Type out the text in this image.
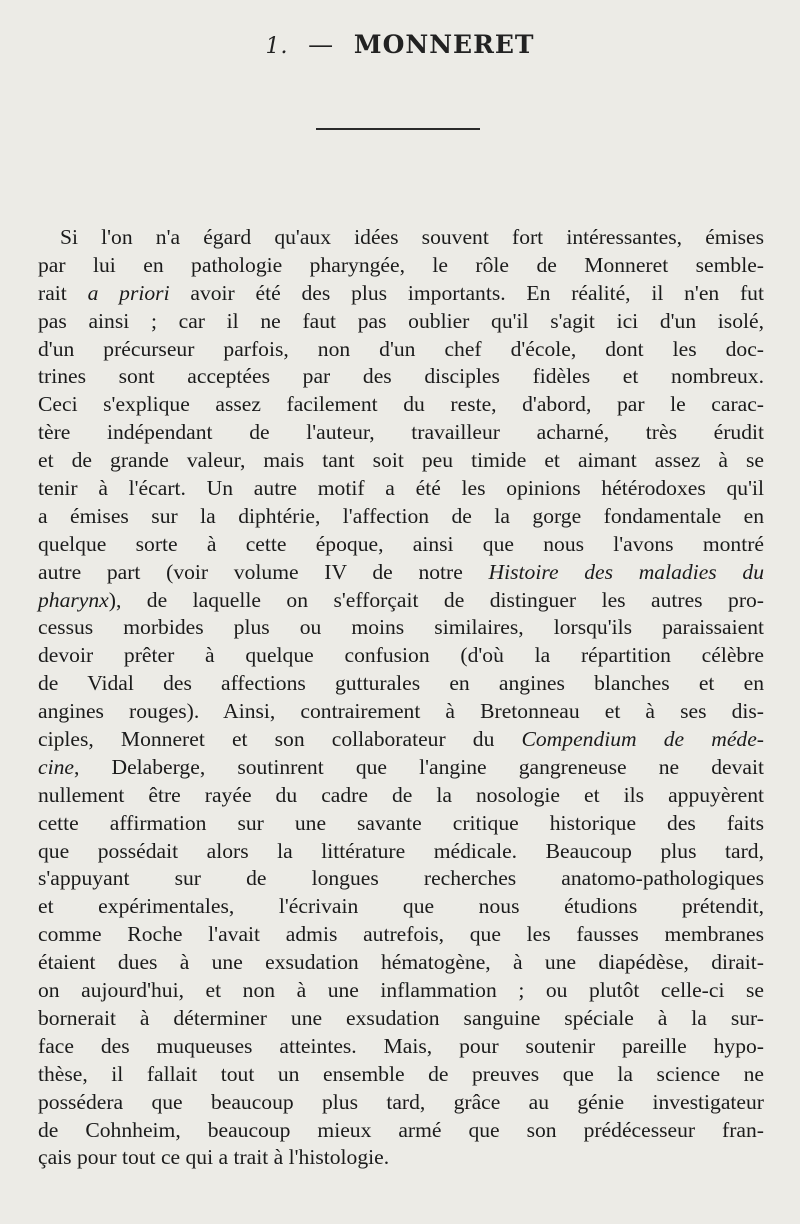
1. — MONNERET
Si l'on n'a égard qu'aux idées souvent fort intéressantes, émises
par lui en pathologie pharyngée, le rôle de Monneret semble-
rait a priori avoir été des plus importants. En réalité, il n'en fut
pas ainsi ; car il ne faut pas oublier qu'il s'agit ici d'un isolé,
d'un précurseur parfois, non d'un chef d'école, dont les doc-
trines sont acceptées par des disciples fidèles et nombreux.
Ceci s'explique assez facilement du reste, d'abord, par le carac-
tère indépendant de l'auteur, travailleur acharné, très érudit
et de grande valeur, mais tant soit peu timide et aimant assez à se
tenir à l'écart. Un autre motif a été les opinions hétérodoxes qu'il
a émises sur la diphtérie, l'affection de la gorge fondamentale en
quelque sorte à cette époque, ainsi que nous l'avons montré
autre part (voir volume IV de notre Histoire des maladies du
pharynx), de laquelle on s'efforçait de distinguer les autres pro-
cessus morbides plus ou moins similaires, lorsqu'ils paraissaient
devoir prêter à quelque confusion (d'où la répartition célèbre
de Vidal des affections gutturales en angines blanches et en
angines rouges). Ainsi, contrairement à Bretonneau et à ses dis-
ciples, Monneret et son collaborateur du Compendium de méde-
cine, Delaberge, soutinrent que l'angine gangreneuse ne devait
nullement être rayée du cadre de la nosologie et ils appuyèrent
cette affirmation sur une savante critique historique des faits
que possédait alors la littérature médicale. Beaucoup plus tard,
s'appuyant sur de longues recherches anatomo-pathologiques
et expérimentales, l'écrivain que nous étudions prétendit,
comme Roche l'avait admis autrefois, que les fausses membranes
étaient dues à une exsudation hématogène, à une diapédèse, dirait-
on aujourd'hui, et non à une inflammation ; ou plutôt celle-ci se
bornerait à déterminer une exsudation sanguine spéciale à la sur-
face des muqueuses atteintes. Mais, pour soutenir pareille hypo-
thèse, il fallait tout un ensemble de preuves que la science ne
possédera que beaucoup plus tard, grâce au génie investigateur
de Cohnheim, beaucoup mieux armé que son prédécesseur fran-
çais pour tout ce qui a trait à l'histologie.
